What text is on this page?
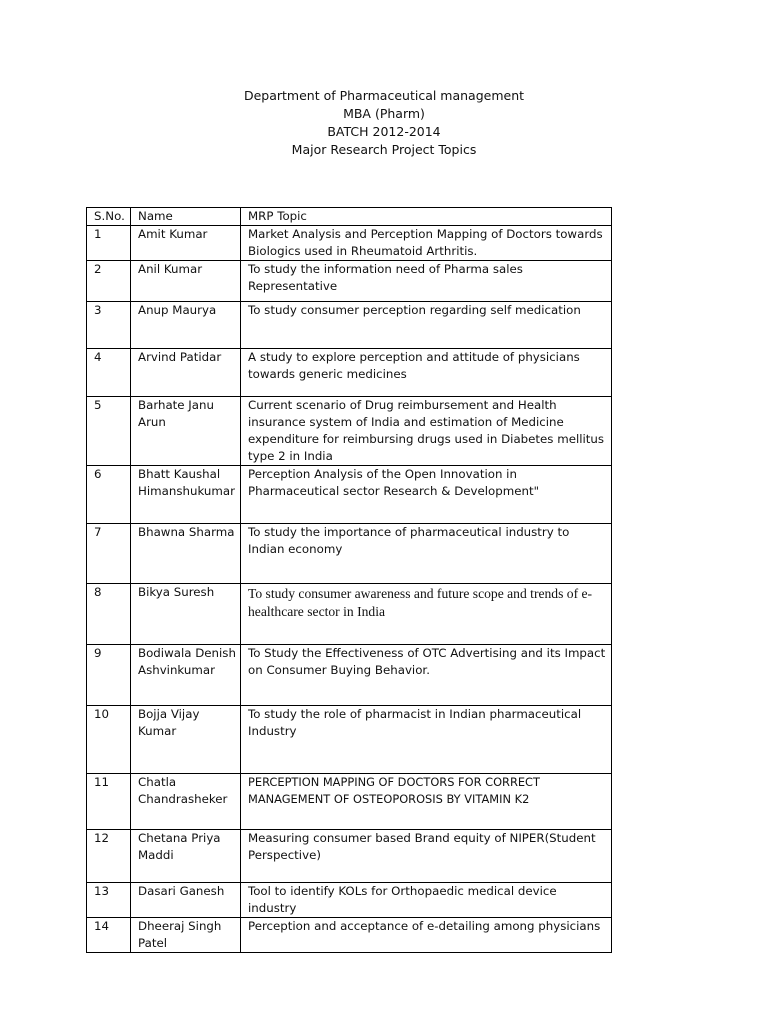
Department of Pharmaceutical management
MBA (Pharm)
BATCH 2012-2014
Major Research Project Topics
S.No.	Name	MRP Topic
1	Amit Kumar	Market Analysis and Perception Mapping of Doctors towards Biologics used in Rheumatoid Arthritis.
2	Anil Kumar	To study the information need of Pharma sales Representative
3	Anup Maurya	To study consumer perception regarding self medication
4	Arvind Patidar	A study to explore perception and attitude of physicians towards generic medicines
5	Barhate Janu Arun	Current scenario of Drug reimbursement and Health insurance system of India and estimation of Medicine expenditure for reimbursing drugs used in Diabetes mellitus type 2 in India
6	Bhatt Kaushal Himanshukumar	Perception Analysis of the Open Innovation in Pharmaceutical sector Research & Development"
7	Bhawna Sharma	To study the importance of pharmaceutical industry to Indian economy
8	Bikya Suresh	To study consumer awareness and future scope and trends of e-healthcare sector in India
9	Bodiwala Denish Ashvinkumar	To Study the Effectiveness of OTC Advertising and its Impact on Consumer Buying Behavior.
10	Bojja Vijay Kumar	To study the role of pharmacist in Indian pharmaceutical Industry
11	Chatla Chandrasheker	PERCEPTION MAPPING OF DOCTORS FOR CORRECT MANAGEMENT OF OSTEOPOROSIS BY VITAMIN K2
12	Chetana Priya Maddi	Measuring consumer based Brand equity of NIPER(Student Perspective)
13	Dasari Ganesh	Tool to identify KOLs for Orthopaedic medical device industry
14	Dheeraj Singh Patel	Perception and acceptance of e-detailing among physicians
